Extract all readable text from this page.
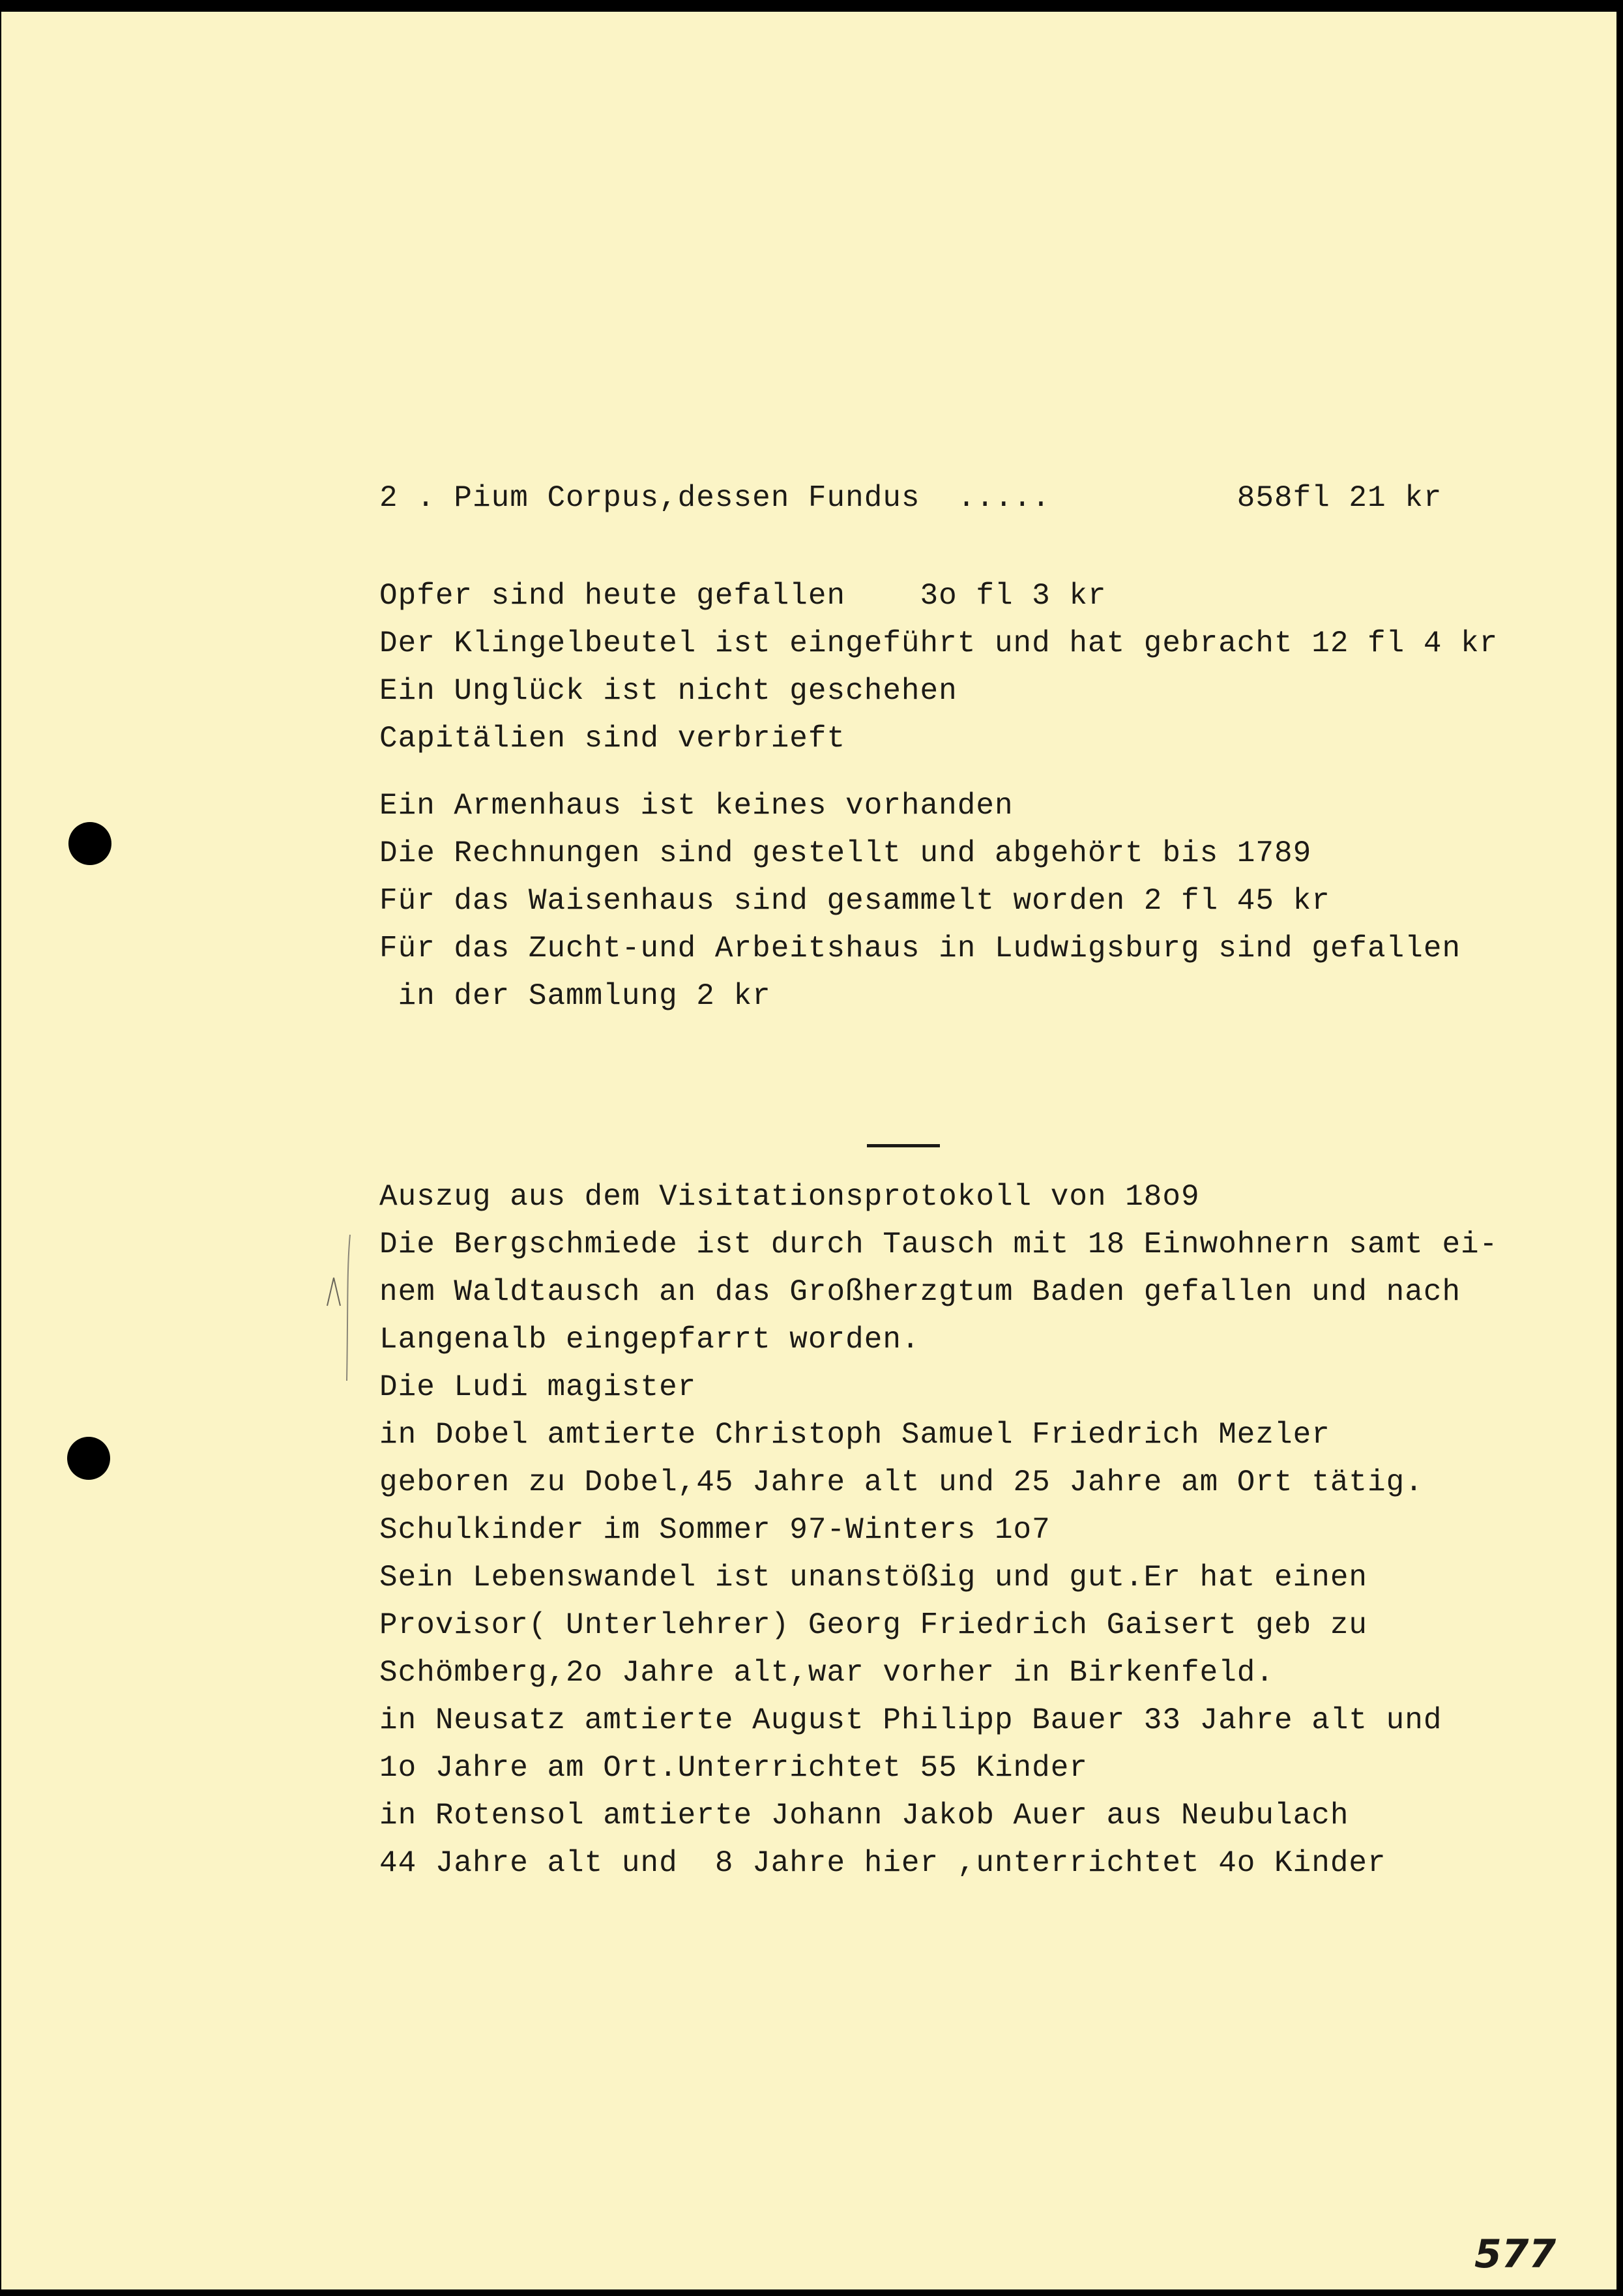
2 . Pium Corpus,dessen Fundus  .....          858fl 21 kr
Opfer sind heute gefallen    3o fl 3 kr
Der Klingelbeutel ist eingeführt und hat gebracht 12 fl 4 kr
Ein Unglück ist nicht geschehen
Capitälien sind verbrieft
Ein Armenhaus ist keines vorhanden
Die Rechnungen sind gestellt und abgehört bis 1789
Für das Waisenhaus sind gesammelt worden 2 fl 45 kr
Für das Zucht-und Arbeitshaus in Ludwigsburg sind gefallen
in der Sammlung 2 kr
Auszug aus dem Visitationsprotokoll von 18o9
Die Bergschmiede ist durch Tausch mit 18 Einwohnern samt ei-
nem Waldtausch an das Großherzgtum Baden gefallen und nach
Langenalb eingepfarrt worden.
Die Ludi magister
in Dobel amtierte Christoph Samuel Friedrich Mezler
geboren zu Dobel,45 Jahre alt und 25 Jahre am Ort tätig.
Schulkinder im Sommer 97-Winters 1o7
Sein Lebenswandel ist unanstößig und gut.Er hat einen
Provisor( Unterlehrer) Georg Friedrich Gaisert geb zu
Schömberg,2o Jahre alt,war vorher in Birkenfeld.
in Neusatz amtierte August Philipp Bauer 33 Jahre alt und
1o Jahre am Ort.Unterrichtet 55 Kinder
in Rotensol amtierte Johann Jakob Auer aus Neubulach
44 Jahre alt und  8 Jahre hier ,unterrichtet 4o Kinder
577
